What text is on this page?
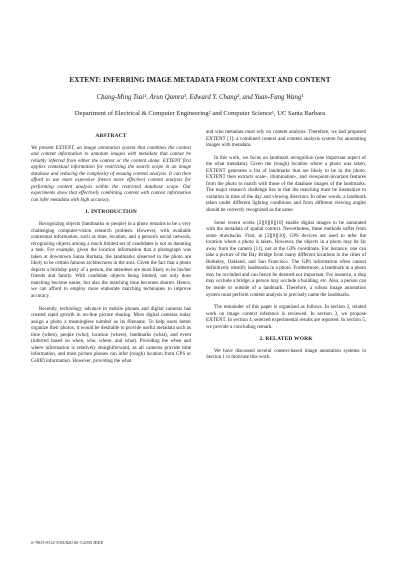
EXTENT: INFERRING IMAGE METADATA FROM CONTEXT AND CONTENT
Chang-Ming Tsai¹, Arun Qamra¹, Edward Y. Chang², and Yuan-Fang Wang¹
Department of Electrical & Computer Engineering² and Computer Science¹, UC Santa Barbara
ABSTRACT

We present EXTENT, an image annotation system that combines the context and content information to annotate images with metadata that cannot be reliably inferred from either the context or the content alone. EXTENT first applies contextual information for restricting the search scope in an image database and reducing the complexity of ensuing content analysis. It can then afford to use more expensive (hence more effective) content analysis for performing content analysis within the restricted database scope. Our experiments show that effectively combining content with context information can infer metadata with high accuracy.

1. INTRODUCTION

Recognizing objects (landmarks or people) in a photo remains to be a very challenging computer-vision research problem. However, with available contextual information, such as time, location, and a person's social network, recognizing objects among a much limited set of candidates is not as daunting a task. For example, given the location information that a photograph was taken at downtown Santa Barbara, the landmarks observed in the photo are likely to be certain famous architectures in the area. Given the fact that a photo depicts a birthday party of a person, the attendees are most likely to be his/her friends and family. With candidate objects being limited, not only does matching become easier, but also the matching time becomes shorter. Hence, we can afford to employ more elaborate matching techniques to improve accuracy.

Recently, technology advance in mobile phones and digital cameras has created rapid growth in on-line picture sharing. Most digital cameras today assign a photo a meaningless number as its filename. To help users better organize their photos, it would be desirable to provide useful metadata such as time (when), people (who), location (where), landmarks (what), and event (inferred based on when, who, where, and what). Providing the when and where information is relatively straightforward, as all cameras provide time information, and most picture phones can infer (rough) location from GPS or CellID information. However, providing the what

and who metadata must rely on content analysis. Therefore, we had proposed EXTENT [1]: a combined context and content analysis system for annotating images with metadata.

In this work, we focus on landmark recognition (one important aspect of the what metadata). Given the (rough) location where a photo was taken, EXTENT generates a list of landmarks that are likely to be in the photo. EXTENT then extracts scale-, illumination-, and viewpoint-invariant features from the photo to match with those of the database images of the landmarks. The major research challenge lies in that the matching must be insensitive to variation in time of the day and viewing direction. In other words, a landmark taken under different lighting conditions and from different viewing angles should be correctly recognized as the same.

Some recent works [2][6][8][10] enable digital images to be annotated with the metadata of spatial context. Nevertheless, these methods suffer from some drawbacks. First, in [2][8][10], GPS devices are used to infer the location where a photo is taken. However, the objects in a photo may be far away from the camera [11], not at the GPS coordinate. For instance, one can take a picture of the Bay Bridge from many different locations in the cities of Berkeley, Oakland, and San Francisco. The GPS information often cannot definitively identify landmarks in a photo. Furthermore, a landmark in a photo may be occluded and can hence be deemed not important. For instance, a ship may occlude a bridge; a person may occlude a building, etc. Also, a person can be inside or outside of a landmark. Therefore, a robust image annotation system must perform content analysis to precisely name the landmarks.

The remainder of this paper is organized as follows. In section 2, related work on image context inference is reviewed. In section 3, we propose EXTENT. In section 4, selected experimental results are reported. In section 5, we provide a concluding remark.

2. RELATED WORK

We have discussed several context-based image annotation systems in Section 1 to motivate this work.

0-7803-9332-5/05/$20.00 ©2005 IEEE
